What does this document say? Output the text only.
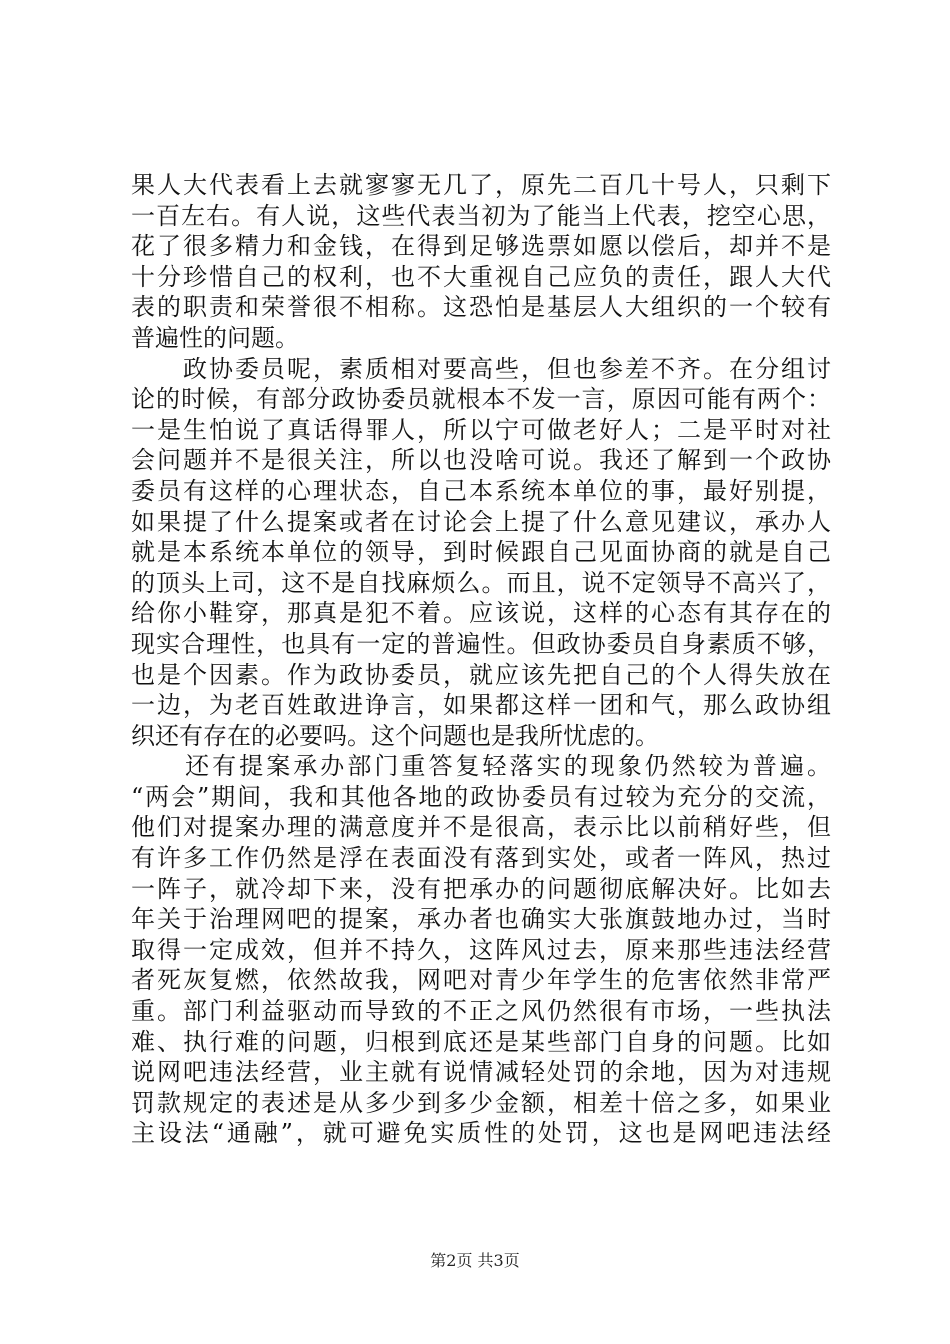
果人大代表看上去就寥寥无几了，原先二百几十号人，只剩下
一百左右。有人说，这些代表当初为了能当上代表，挖空心思，
花了很多精力和金钱，在得到足够选票如愿以偿后，却并不是
十分珍惜自己的权利，也不大重视自己应负的责任，跟人大代
表的职责和荣誉很不相称。这恐怕是基层人大组织的一个较有
普遍性的问题。
　　政协委员呢，素质相对要高些，但也参差不齐。在分组讨
论的时候，有部分政协委员就根本不发一言，原因可能有两个：
一是生怕说了真话得罪人，所以宁可做老好人；二是平时对社
会问题并不是很关注，所以也没啥可说。我还了解到一个政协
委员有这样的心理状态，自己本系统本单位的事，最好别提，
如果提了什么提案或者在讨论会上提了什么意见建议，承办人
就是本系统本单位的领导，到时候跟自己见面协商的就是自己
的顶头上司，这不是自找麻烦么。而且，说不定领导不高兴了，
给你小鞋穿，那真是犯不着。应该说，这样的心态有其存在的
现实合理性，也具有一定的普遍性。但政协委员自身素质不够，
也是个因素。作为政协委员，就应该先把自己的个人得失放在
一边，为老百姓敢进诤言，如果都这样一团和气，那么政协组
织还有存在的必要吗。这个问题也是我所忧虑的。
　　还有提案承办部门重答复轻落实的现象仍然较为普遍。
“两会”期间，我和其他各地的政协委员有过较为充分的交流，
他们对提案办理的满意度并不是很高，表示比以前稍好些，但
有许多工作仍然是浮在表面没有落到实处，或者一阵风，热过
一阵子，就冷却下来，没有把承办的问题彻底解决好。比如去
年关于治理网吧的提案，承办者也确实大张旗鼓地办过，当时
取得一定成效，但并不持久，这阵风过去，原来那些违法经营
者死灰复燃，依然故我，网吧对青少年学生的危害依然非常严
重。部门利益驱动而导致的不正之风仍然很有市场，一些执法
难、执行难的问题，归根到底还是某些部门自身的问题。比如
说网吧违法经营，业主就有说情减轻处罚的余地，因为对违规
罚款规定的表述是从多少到多少金额，相差十倍之多，如果业
主设法“通融”，就可避免实质性的处罚，这也是网吧违法经
第2页 共3页
